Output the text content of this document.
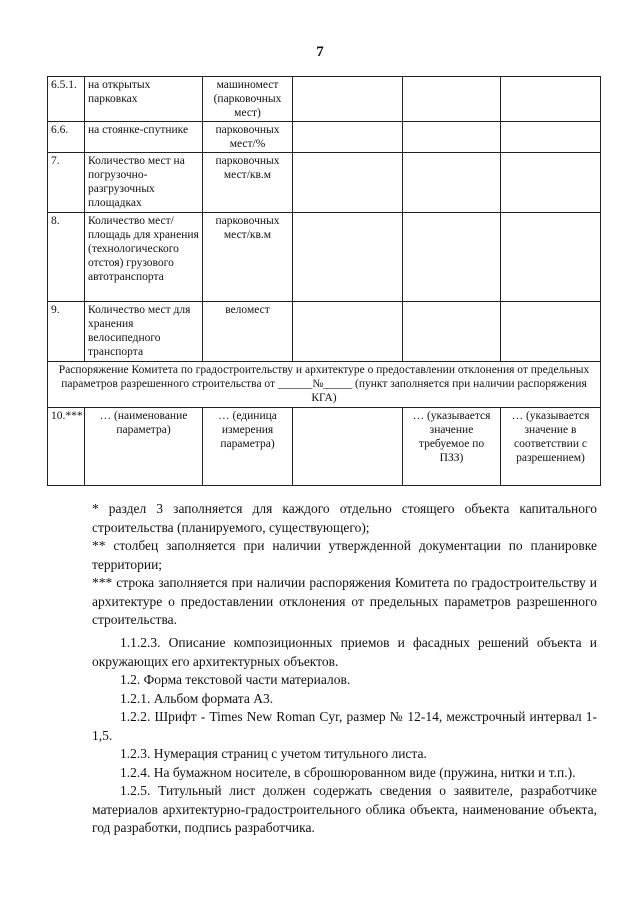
7
6.5.1.	на открытых парковках	машиномест (парковочных мест)			
6.6.	на стоянке-спутнике	парковочных мест/%			
7.	Количество мест на погрузочно-разгрузочных площадках	парковочных мест/кв.м			
8.	Количество мест/площадь для хранения (технологического отстоя) грузового автотранспорта	парковочных мест/кв.м			
9.	Количество мест для хранения велосипедного транспорта	веломест			
Распоряжение Комитета по градостроительству и архитектуре о предоставлении отклонения от предельных параметров разрешенного строительства от ______№_____ (пункт заполняется при наличии распоряжения КГА)					
10.***	… (наименование параметра)	… (единица измерения параметра)		… (указывается значение требуемое по ПЗЗ)	… (указывается значение в соответствии с разрешением)

* раздел 3 заполняется для каждого отдельно стоящего объекта капитального строительства (планируемого, существующего);

** столбец заполняется при наличии утвержденной документации по планировке территории;

*** строка заполняется при наличии распоряжения Комитета по градостроительству и архитектуре о предоставлении отклонения от предельных параметров разрешенного строительства.

1.1.2.3. Описание композиционных приемов и фасадных решений объекта и окружающих его архитектурных объектов.

1.2. Форма текстовой части материалов.

1.2.1. Альбом формата А3.

1.2.2. Шрифт - Times New Roman Cyr, размер № 12-14, межстрочный интервал 1-1,5.

1.2.3. Нумерация страниц с учетом титульного листа.

1.2.4. На бумажном носителе, в сброшюрованном виде (пружина, нитки и т.п.).

1.2.5. Титульный лист должен содержать сведения о заявителе, разработчике материалов архитектурно-градостроительного облика объекта, наименование объекта, год разработки, подпись разработчика.
